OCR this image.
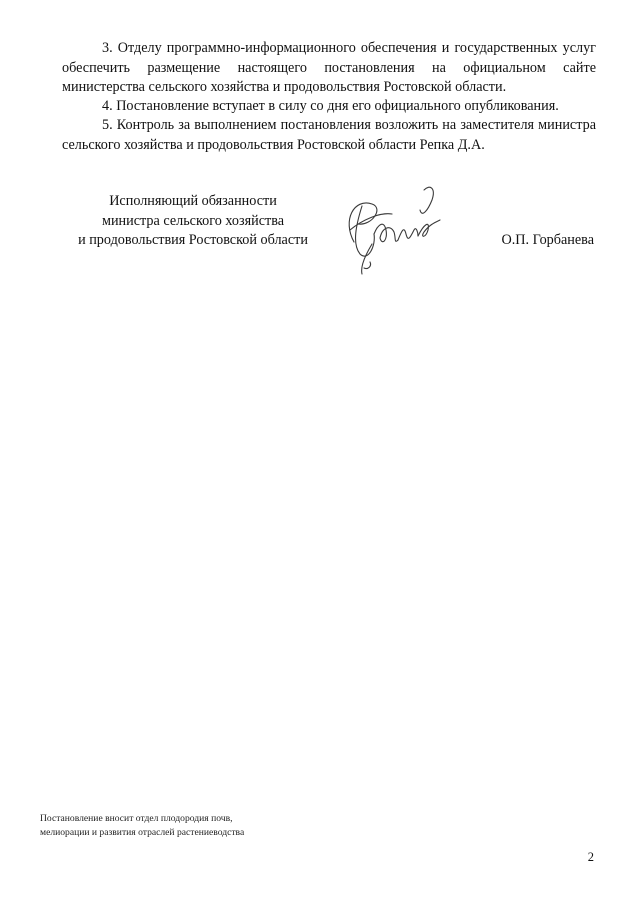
3. Отделу программно-информационного обеспечения и государственных услуг обеспечить размещение настоящего постановления на официальном сайте министерства сельского хозяйства и продовольствия Ростовской области.

4. Постановление вступает в силу со дня его официального опубликования.

5. Контроль за выполнением постановления возложить на заместителя министра сельского хозяйства и продовольствия Ростовской области Репка Д.А.

Исполняющий обязанности
министра сельского хозяйства
и продовольствия Ростовской области	О.П. Горбанева
Постановление вносит отдел плодородия почв,
мелиорации и развития отраслей растениеводства
2
